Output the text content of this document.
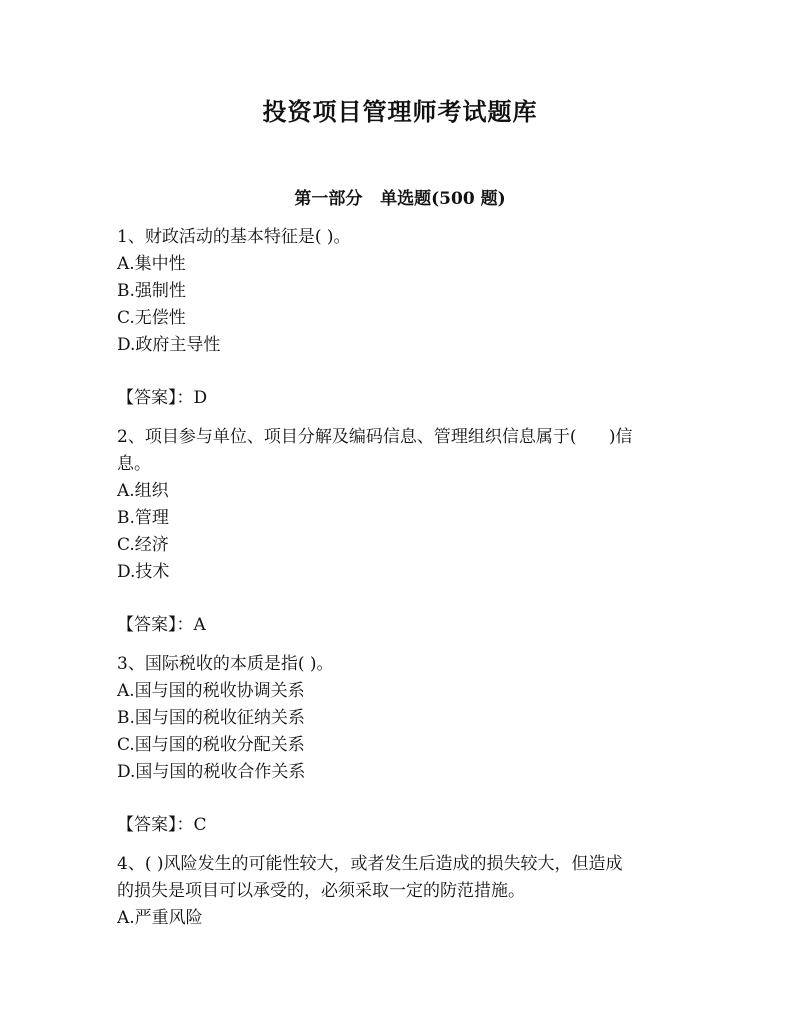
投资项目管理师考试题库
第一部分   单选题(500 题)

1、财政活动的基本特征是( )。

A.集中性

B.强制性

C.无偿性

D.政府主导性

【答案】：D

2、项目参与单位、项目分解及编码信息、管理组织信息属于(      )信

息。

A.组织

B.管理

C.经济

D.技术

【答案】：A

3、国际税收的本质是指( )。

A.国与国的税收协调关系

B.国与国的税收征纳关系

C.国与国的税收分配关系

D.国与国的税收合作关系

【答案】：C

4、( )风险发生的可能性较大，或者发生后造成的损失较大，但造成

的损失是项目可以承受的，必须采取一定的防范措施。

A.严重风险
